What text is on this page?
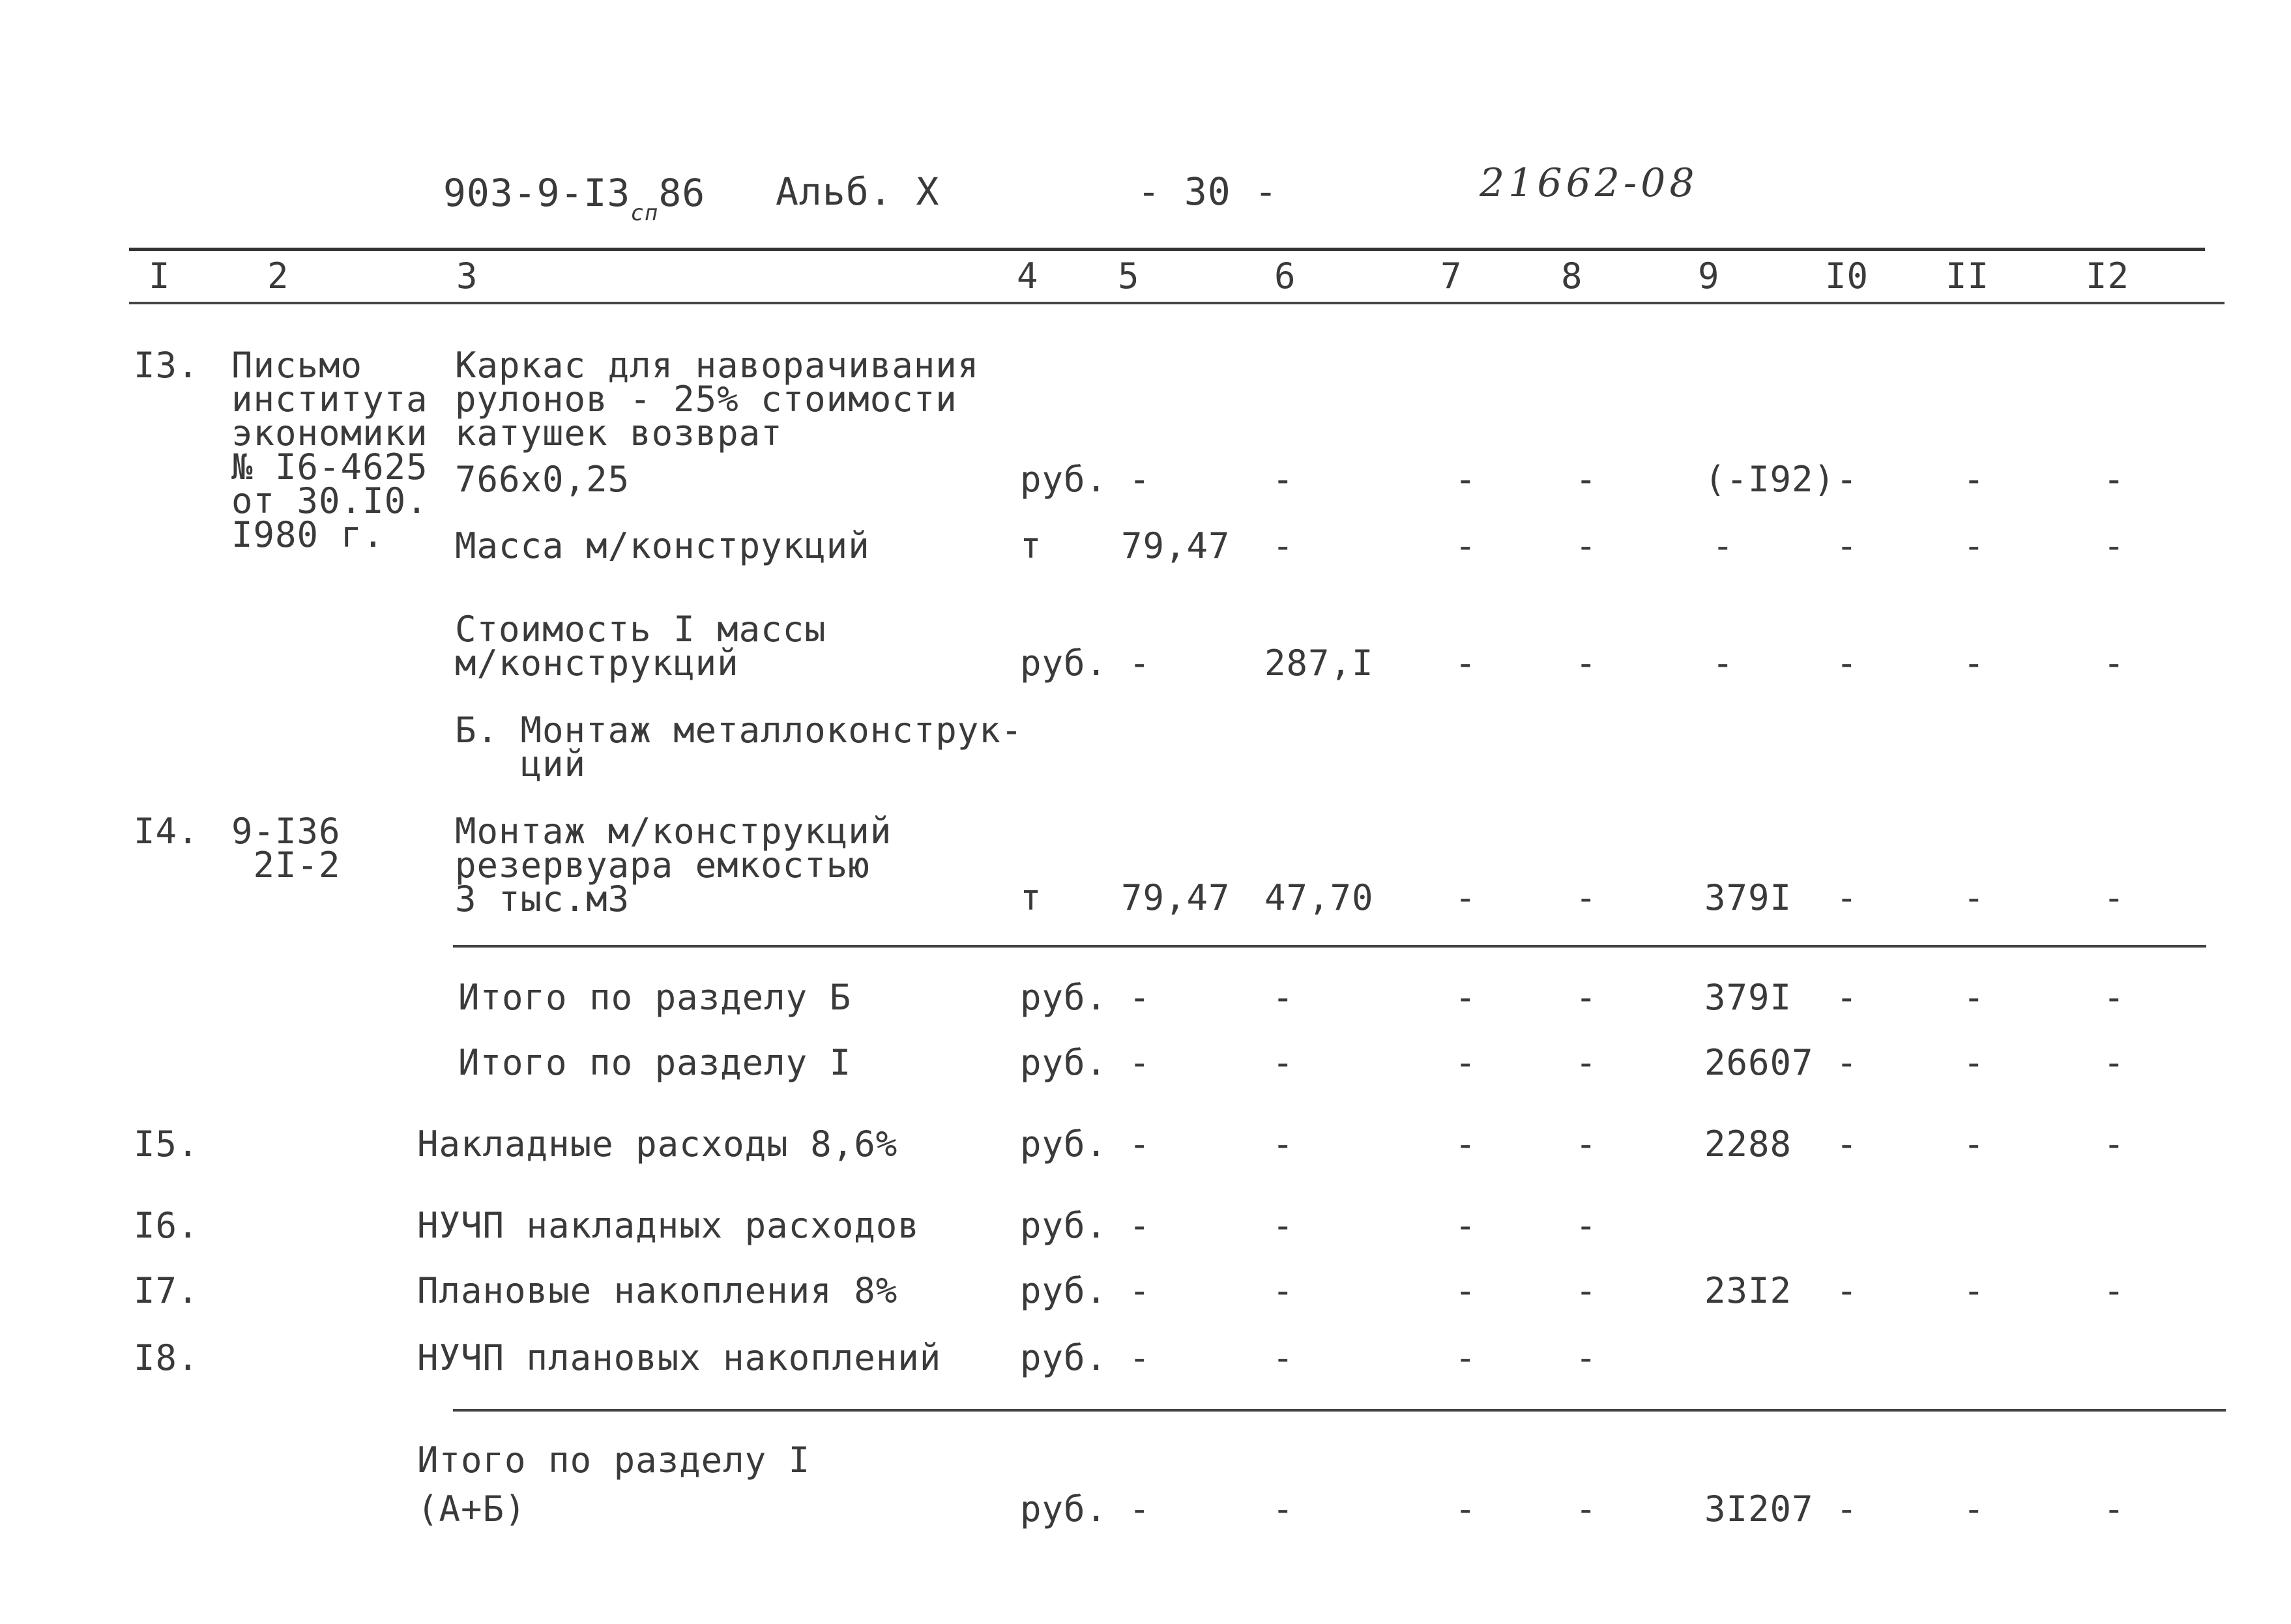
$903-9-I3_{сп}86$ Альб. X	- 30 -	21662-08
I	2	3	4 5	6	7	8	9	I0 II	I2
I3. Письмо
института
экономики
№ I6-4625
от 30.I0.
I980 г.
Каркас для наворачивания
рулонов - 25% стоимости
катушек возврат
766х0,25	руб. -	-	-	-	(-I92) -	-	-
Масса м/конструкций	т 79,47 -	-	-	-	-	-	-
Стоимость I массы
м/конструкций	руб. -	287,I -	-	-	-	-	-
Б. Монтаж металлоконструк-
ций
I4. 9-I36
2I-2
Монтаж м/конструкций
резервуара емкостью
3 тыс.м3	т 79,47 47,70 -	-	379I -	-	-
Итого по разделу Б	руб. -	-	-	-	379I -	-	-
Итого по разделу I	руб. -	-	-	-	26607 -	-	-
I5.	Накладные расходы 8,6%	руб. -	-	-	-	2288 -	-	-
I6.	НУЧП накладных расходов	руб. -	-	-	-
I7.	Плановые накопления 8%	руб. -	-	-	-	23I2 -	-	-
I8.	НУЧП плановых накоплений руб. -	-	-	-
Итого по разделу I
(А+Б)	руб. -	-	-	-	3I207 -	-	-
